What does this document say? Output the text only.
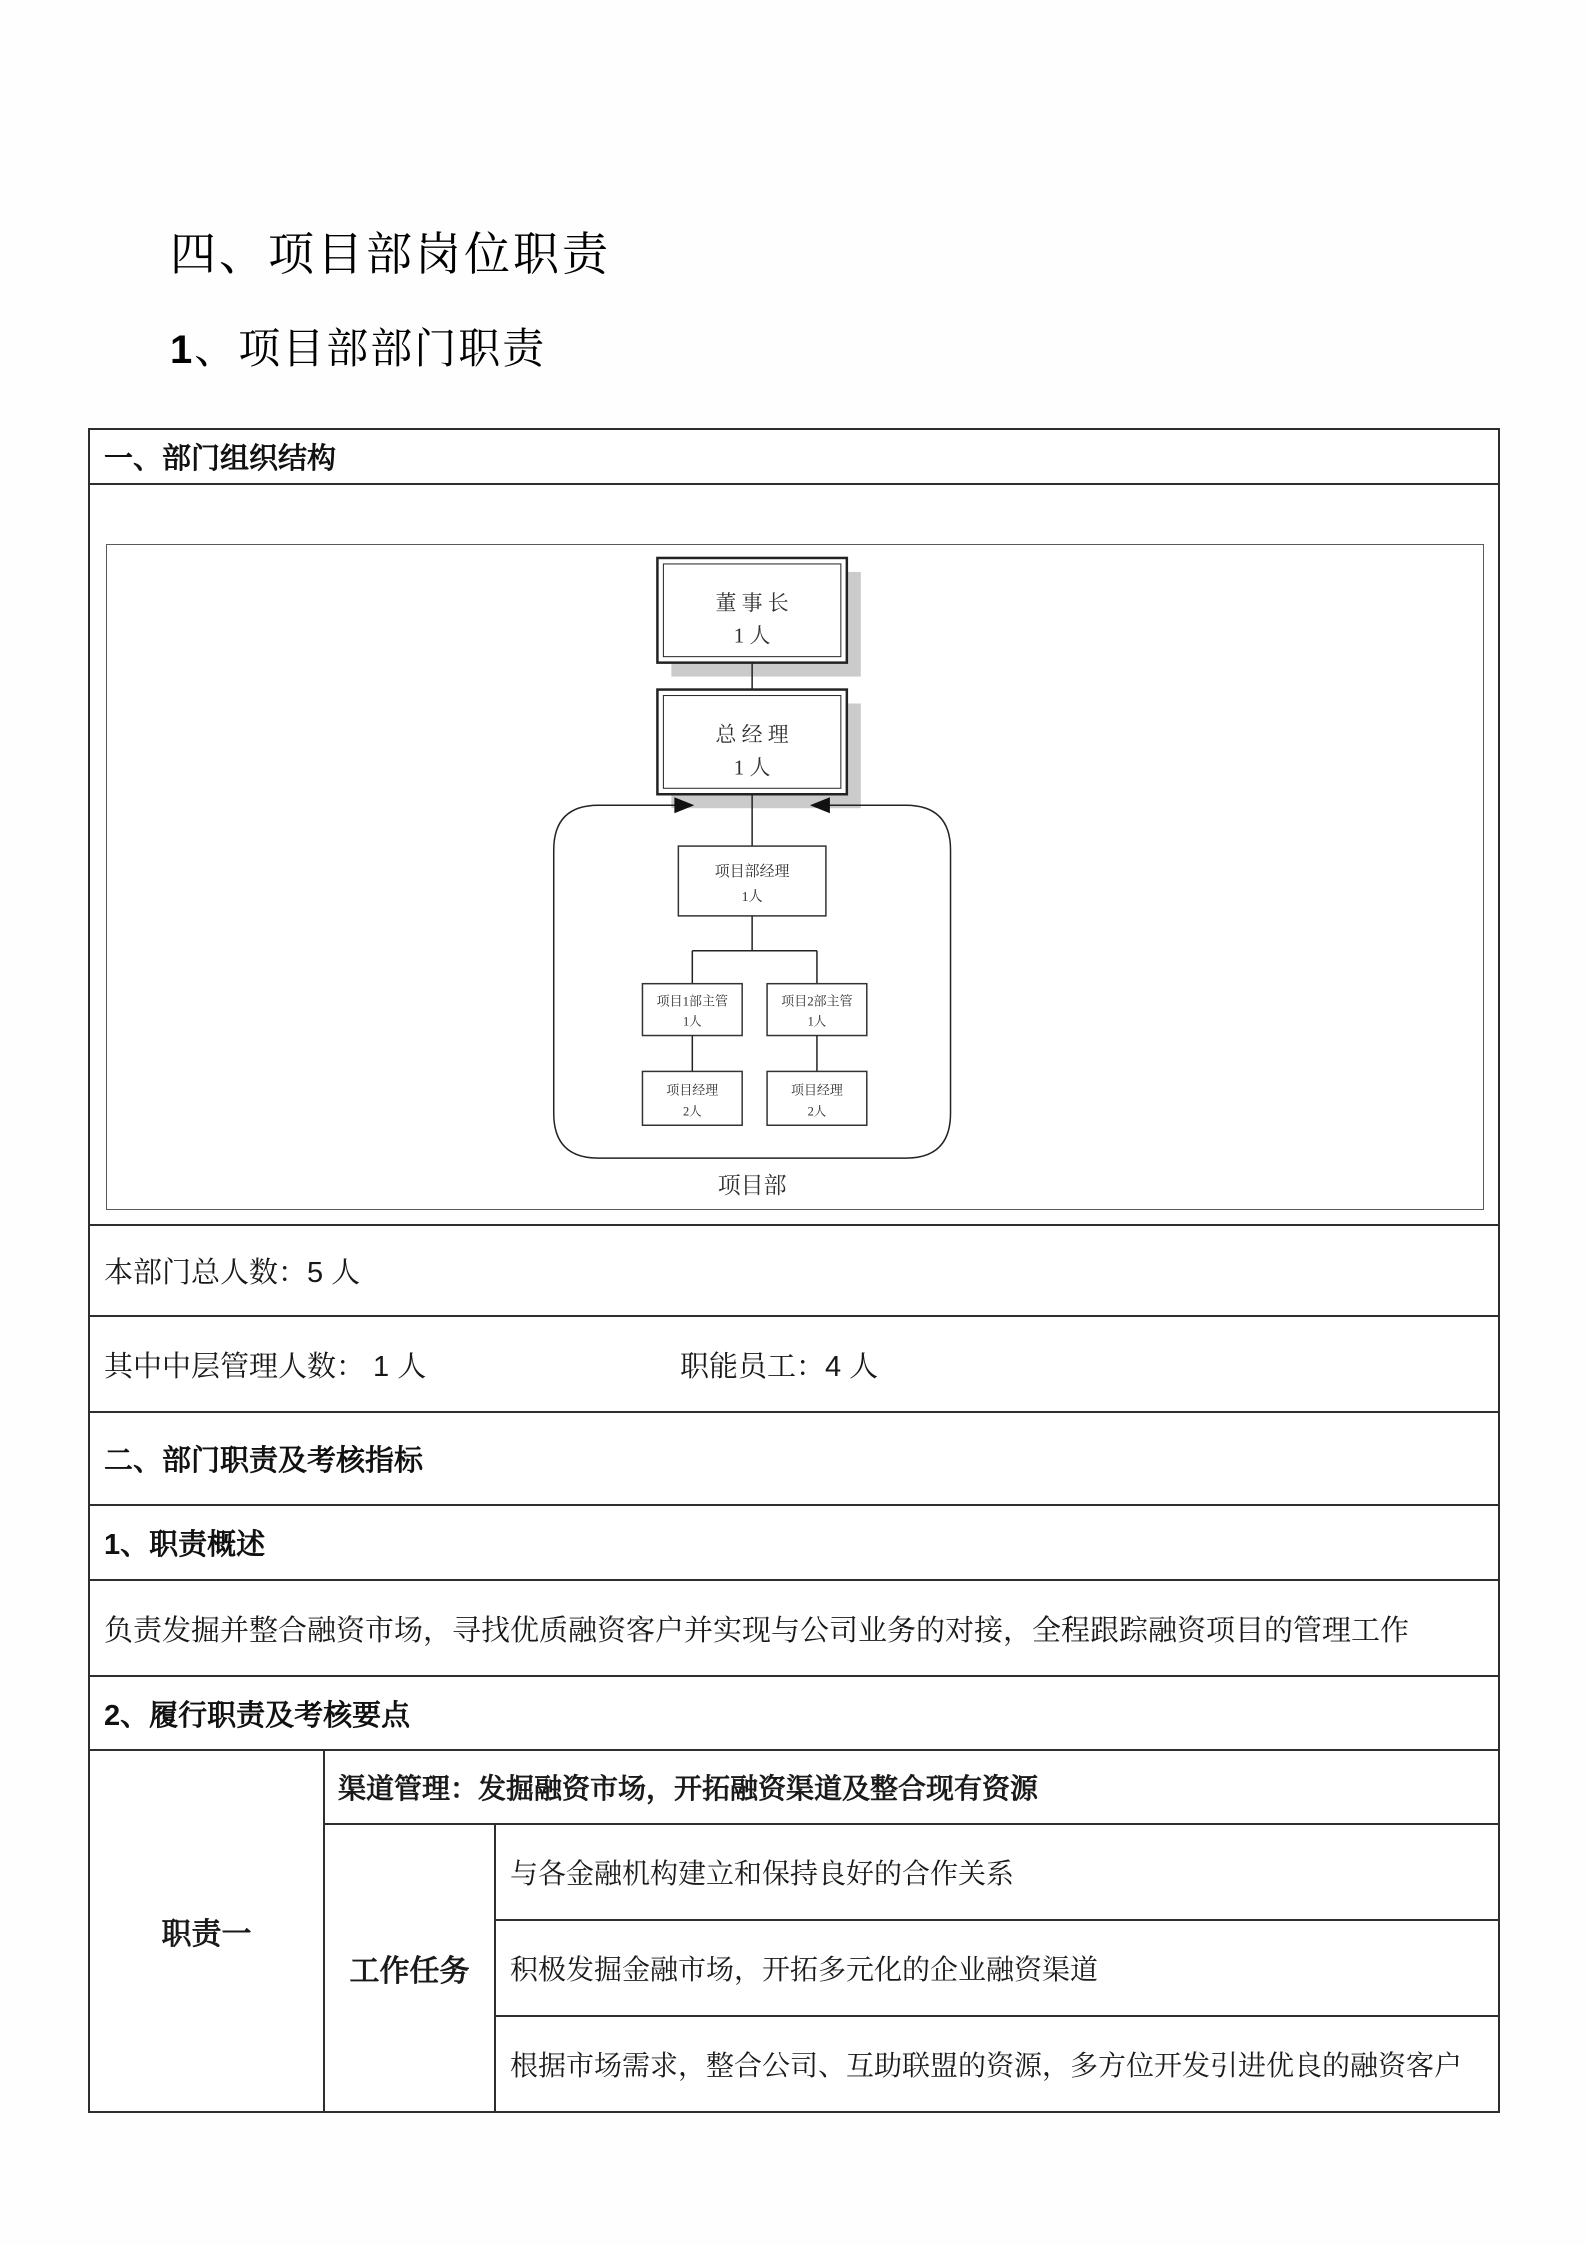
四、项目部岗位职责
1、项目部部门职责
一、部门组织结构
董 事 长
1 人
总 经 理
1 人
项目部经理
1人
项目1部主管
1人
项目2部主管
1人
项目经理
2人
项目经理
2人
项目部
本部门总人数：5 人
其中中层管理人数： 1 人	职能员工：4 人
二、部门职责及考核指标
1、职责概述
负责发掘并整合融资市场，寻找优质融资客户并实现与公司业务的对接，全程跟踪融资项目的管理工作
2、履行职责及考核要点
职责一
渠道管理：发掘融资市场，开拓融资渠道及整合现有资源
工作任务
与各金融机构建立和保持良好的合作关系
积极发掘金融市场，开拓多元化的企业融资渠道
根据市场需求，整合公司、互助联盟的资源，多方位开发引进优良的融资客户
